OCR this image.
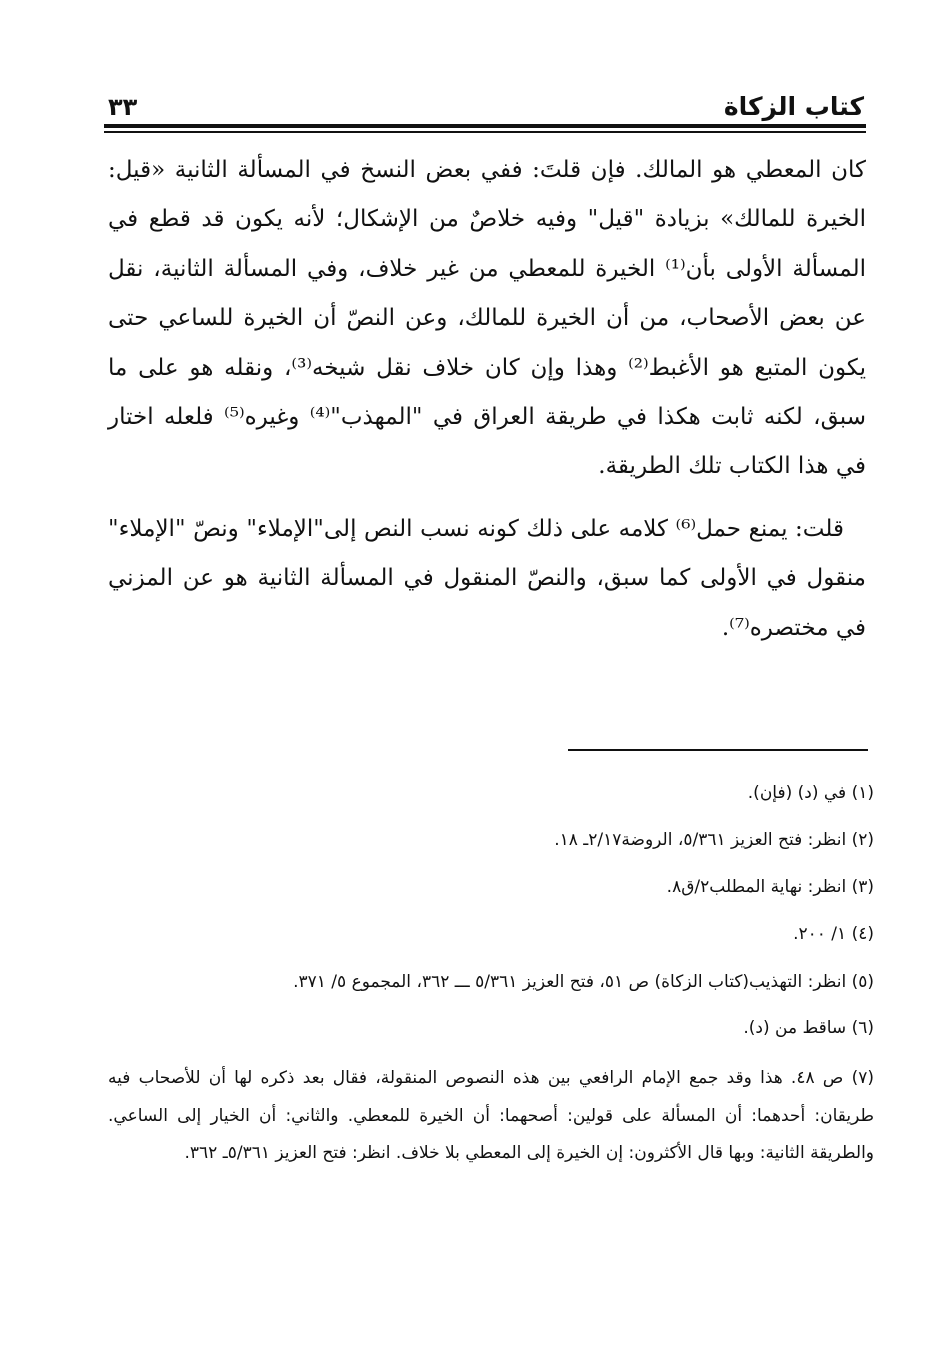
كتاب الزكاة
٣٣

كان المعطي هو المالك. فإن قلتَ: ففي بعض النسخ في المسألة الثانية «قيل: الخيرة للمالك» بزيادة "قيل" وفيه خلاصٌ من الإشكال؛ لأنه يكون قد قطع في المسألة الأولى بأن⁽¹⁾ الخيرة للمعطي من غير خلاف، وفي المسألة الثانية، نقل عن بعض الأصحاب، من أن الخيرة للمالك، وعن النصّ أن الخيرة للساعي حتى يكون المتبع هو الأغبط⁽²⁾ وهذا وإن كان خلاف نقل شيخه⁽³⁾، ونقله هو على ما سبق، لكنه ثابت هكذا في طريقة العراق في "المهذب"⁽⁴⁾ وغيره⁽⁵⁾ فلعله اختار في هذا الكتاب تلك الطريقة.

قلت: يمنع حمل⁽⁶⁾ كلامه على ذلك كونه نسب النص إلى"الإملاء" ونصّ "الإملاء" منقول في الأولى كما سبق، والنصّ المنقول في المسألة الثانية هو عن المزني في مختصره⁽⁷⁾.

(١) في (د) (فإن).

(٢) انظر: فتح العزيز ٥/٣٦١، الروضة٢/١٧ـ ١٨.

(٣) انظر: نهاية المطلب٢/ق٨.

(٤) ١/ ٢٠٠.

(٥) انظر: التهذيب(كتاب الزكاة) ص ٥١، فتح العزيز ٥/٣٦١ ـــ ٣٦٢، المجموع ٥/ ٣٧١.

(٦) ساقط من (د).

(٧) ص ٤٨. هذا وقد جمع الإمام الرافعي بين هذه النصوص المنقولة، فقال بعد ذكره لها أن للأصحاب فيه طريقان: أحدهما: أن المسألة على قولين: أصحهما: أن الخيرة للمعطي. والثاني: أن الخيار إلى الساعي. والطريقة الثانية: وبها قال الأكثرون: إن الخيرة إلى المعطي بلا خلاف. انظر: فتح العزيز ٥/٣٦١ـ ٣٦٢.
